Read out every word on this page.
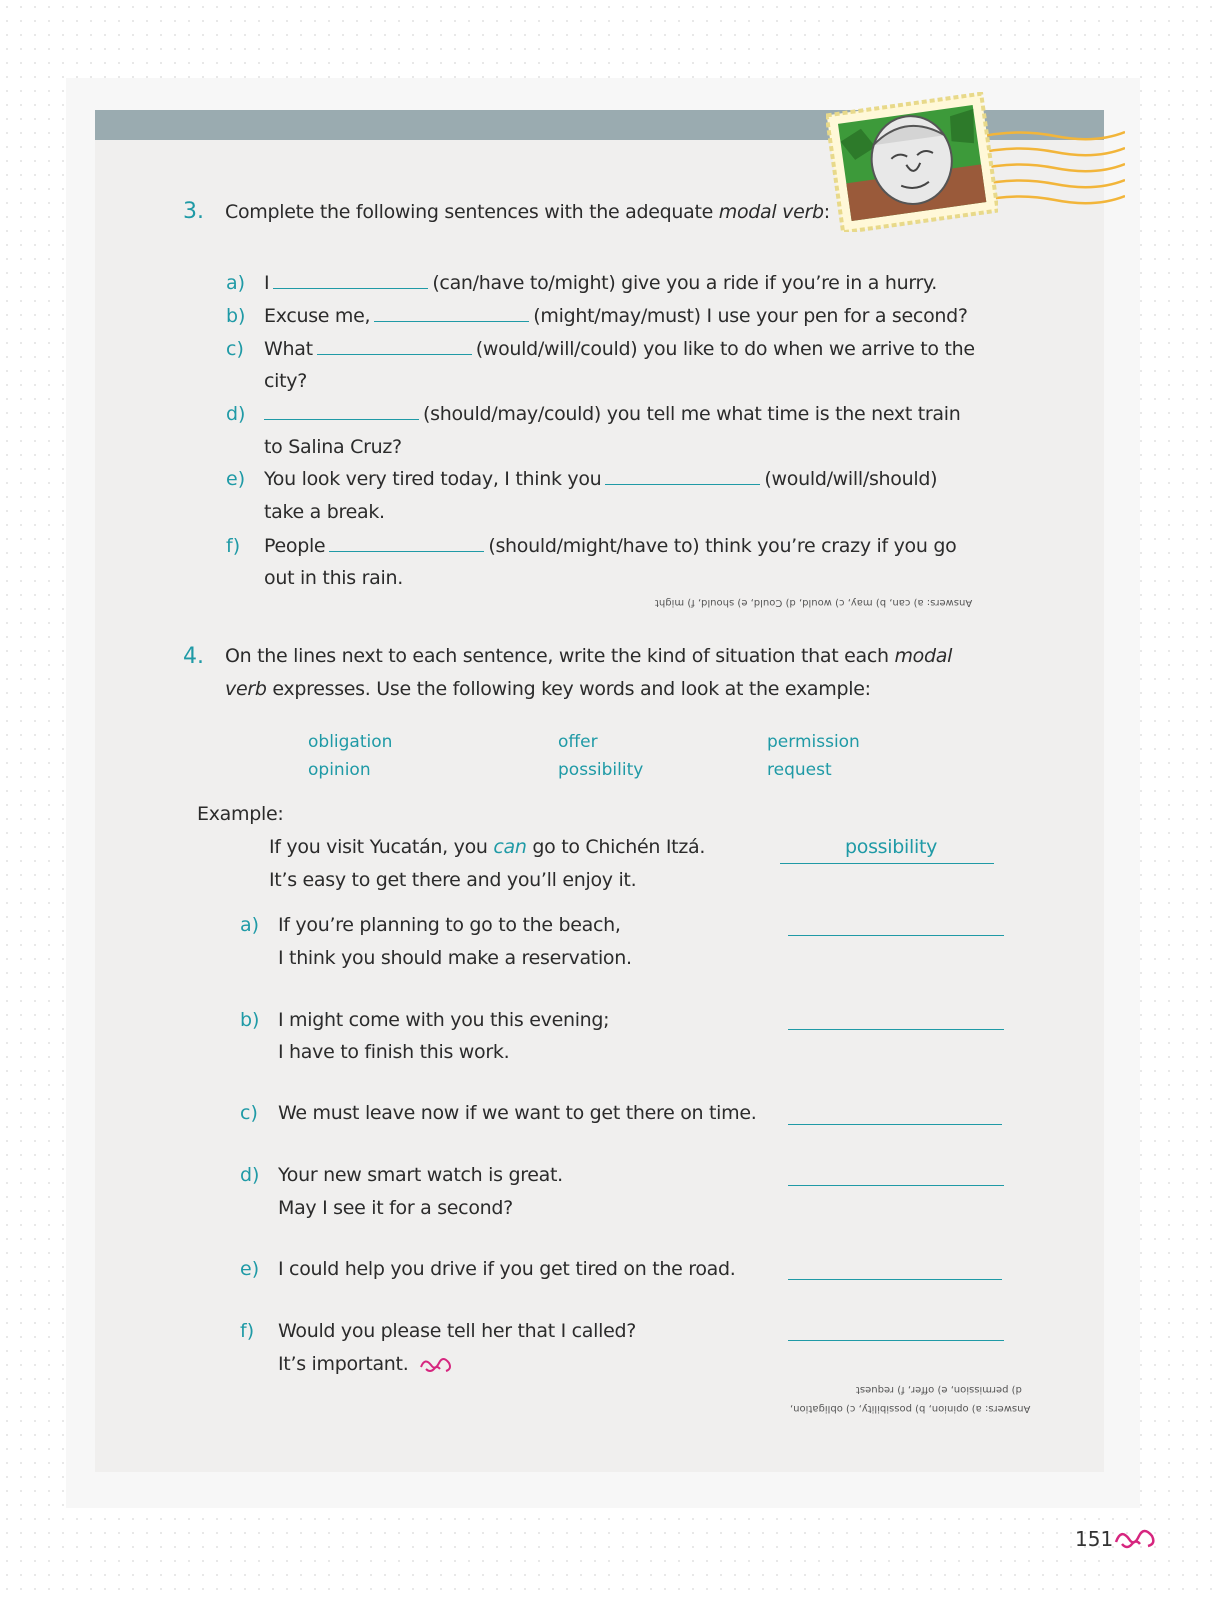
3. Complete the following sentences with the adequate modal verb:
a) I	(can/have to/might) give you a ride if you’re in a hurry.
b) Excuse me,	(might/may/must) I use your pen for a second?
c) What	(would/will/could) you like to do when we arrive to the
city?
d)	(should/may/could) you tell me what time is the next train
to Salina Cruz?
e) You look very tired today, I think you	(would/will/should)
take a break.
f) People	(should/might/have to) think you’re crazy if you go
out in this rain.
Answers: a) can, b) may, c) would, d) Could, e) should, f) might
4. On the lines next to each sentence, write the kind of situation that each modal
verb expresses. Use the following key words and look at the example:
obligation	offer	permission
opinion	possibility	request
Example:
If you visit Yucatán, you can go to Chichén Itzá.
It’s easy to get there and you’ll enjoy it.
possibility
a) If you’re planning to go to the beach,
I think you should make a reservation.
b) I might come with you this evening;
I have to finish this work.
c) We must leave now if we want to get there on time.
d) Your new smart watch is great.
May I see it for a second?
e) I could help you drive if you get tired on the road.
f) Would you please tell her that I called?
It’s important.
Answers: a) opinion, b) possibility, c) obligation,
d) permission, e) offer, f) request
151
